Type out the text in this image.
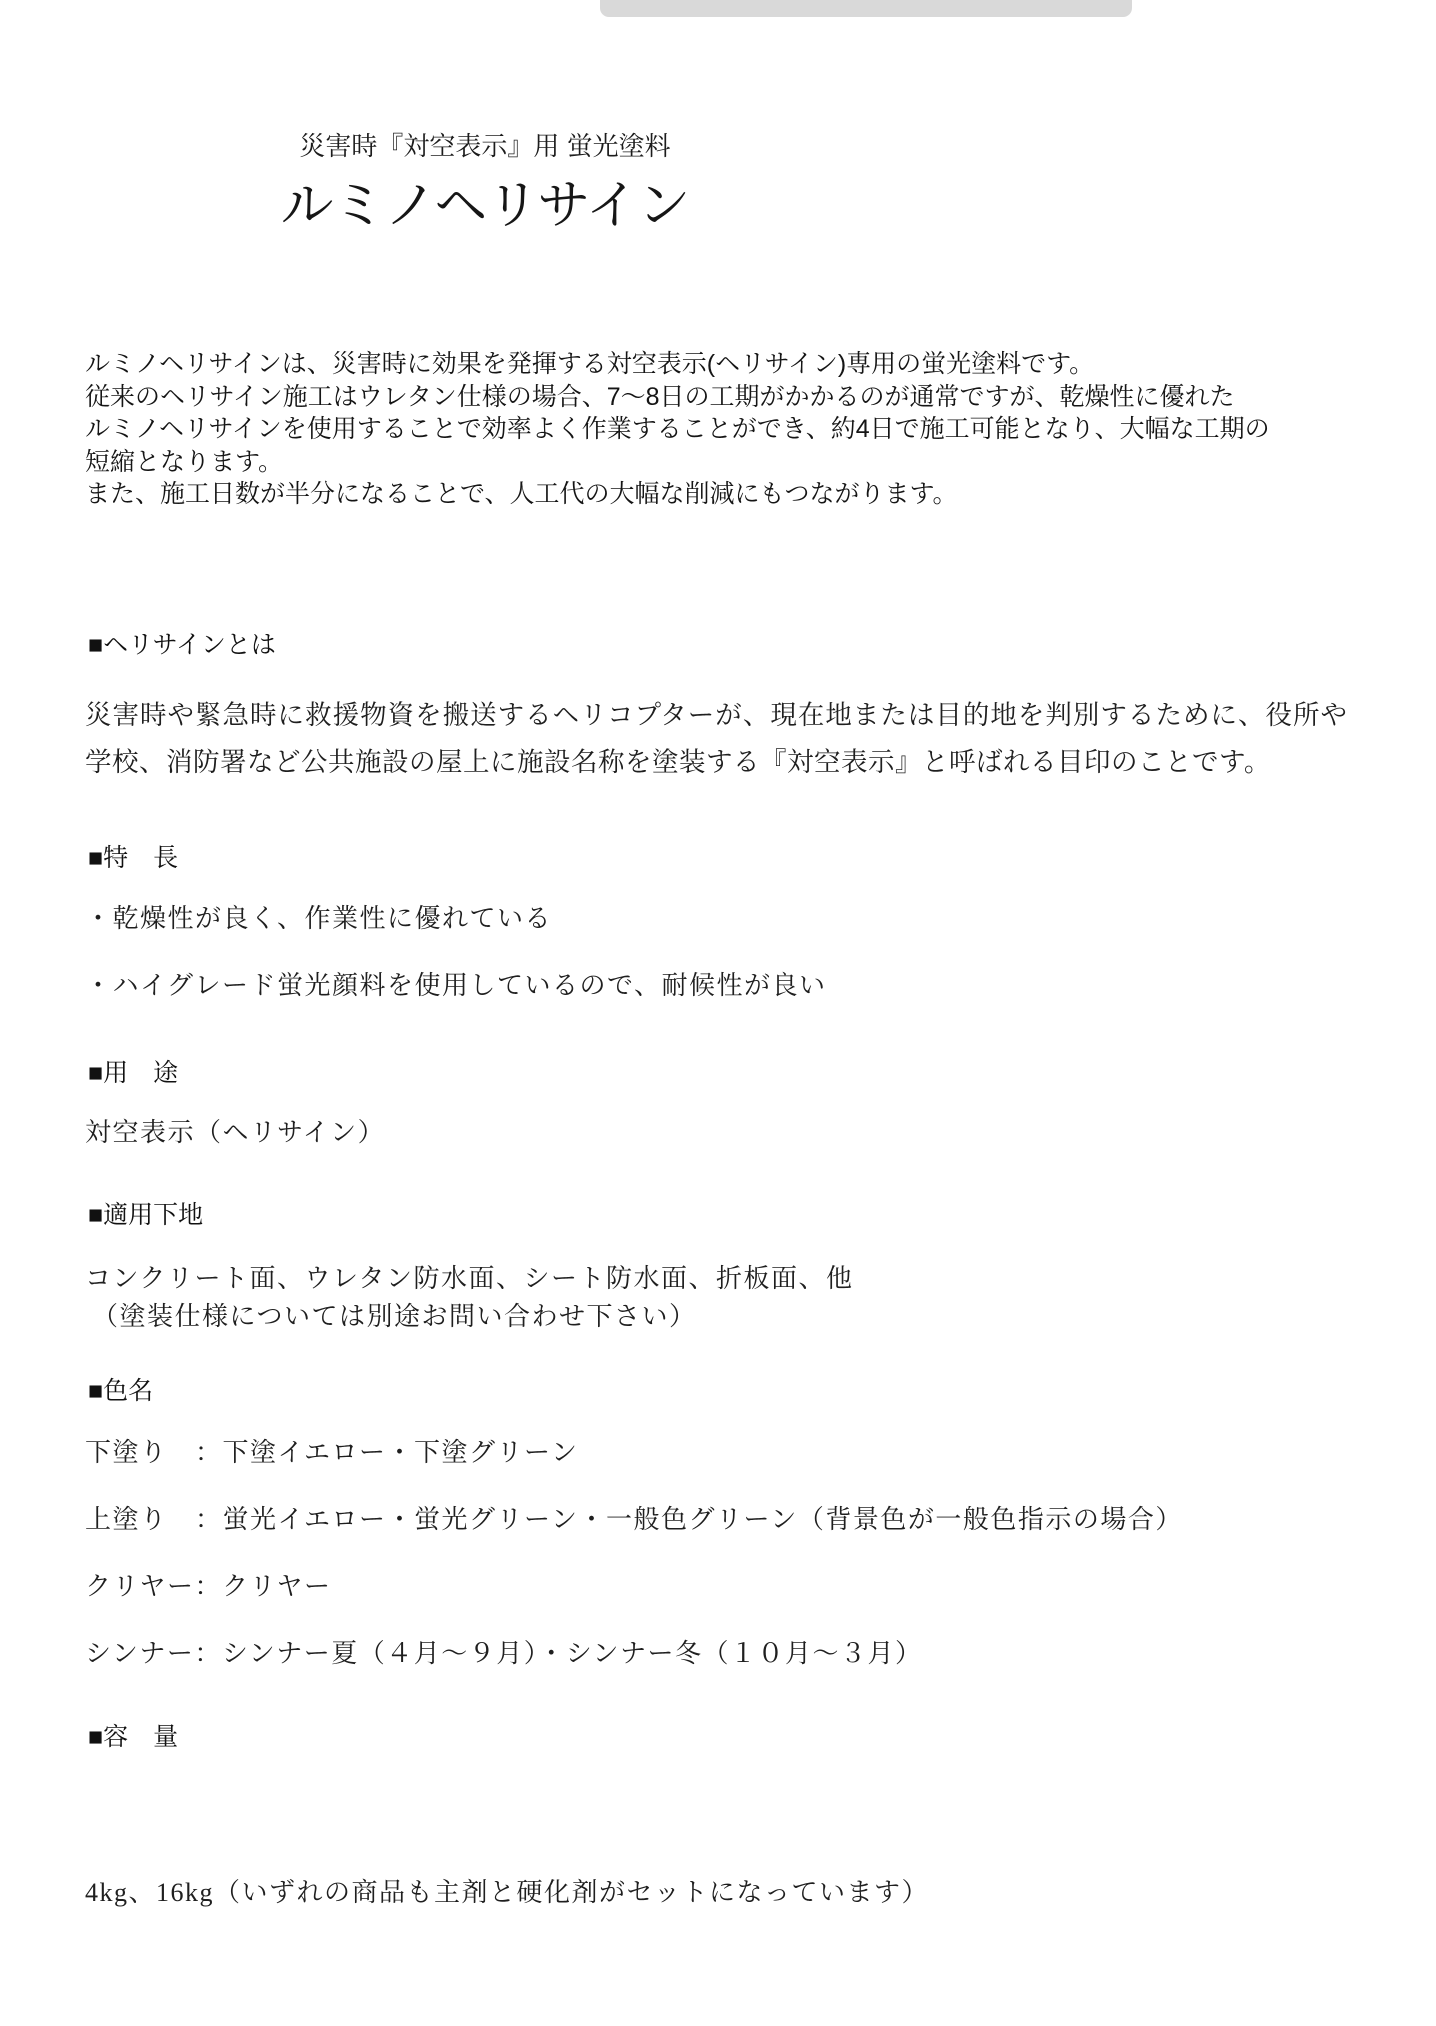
災害時『対空表示』用 蛍光塗料
ルミノヘリサイン
ルミノヘリサインは、災害時に効果を発揮する対空表示(ヘリサイン)専用の蛍光塗料です。
従来のヘリサイン施工はウレタン仕様の場合、7～8日の工期がかかるのが通常ですが、乾燥性に優れた
ルミノヘリサインを使用することで効率よく作業することができ、約4日で施工可能となり、大幅な工期の
短縮となります。
また、施工日数が半分になることで、人工代の大幅な削減にもつながります。
■ヘリサインとは
災害時や緊急時に救援物資を搬送するヘリコプターが、現在地または目的地を判別するために、役所や
学校、消防署など公共施設の屋上に施設名称を塗装する『対空表示』と呼ばれる目印のことです。
■特　長
・乾燥性が良く、作業性に優れている
・ハイグレード蛍光顔料を使用しているので、耐候性が良い
■用　途
対空表示（ヘリサイン）
■適用下地
コンクリート面、ウレタン防水面、シート防水面、折板面、他
（塗装仕様については別途お問い合わせ下さい）
■色名
下塗り　：下塗イエロー・下塗グリーン
上塗り　：蛍光イエロー・蛍光グリーン・一般色グリーン（背景色が一般色指示の場合）
クリヤー：クリヤー
シンナー：シンナー夏（４月～９月）・シンナー冬（１０月～３月）
■容　量
4kg、16kg（いずれの商品も主剤と硬化剤がセットになっています）
